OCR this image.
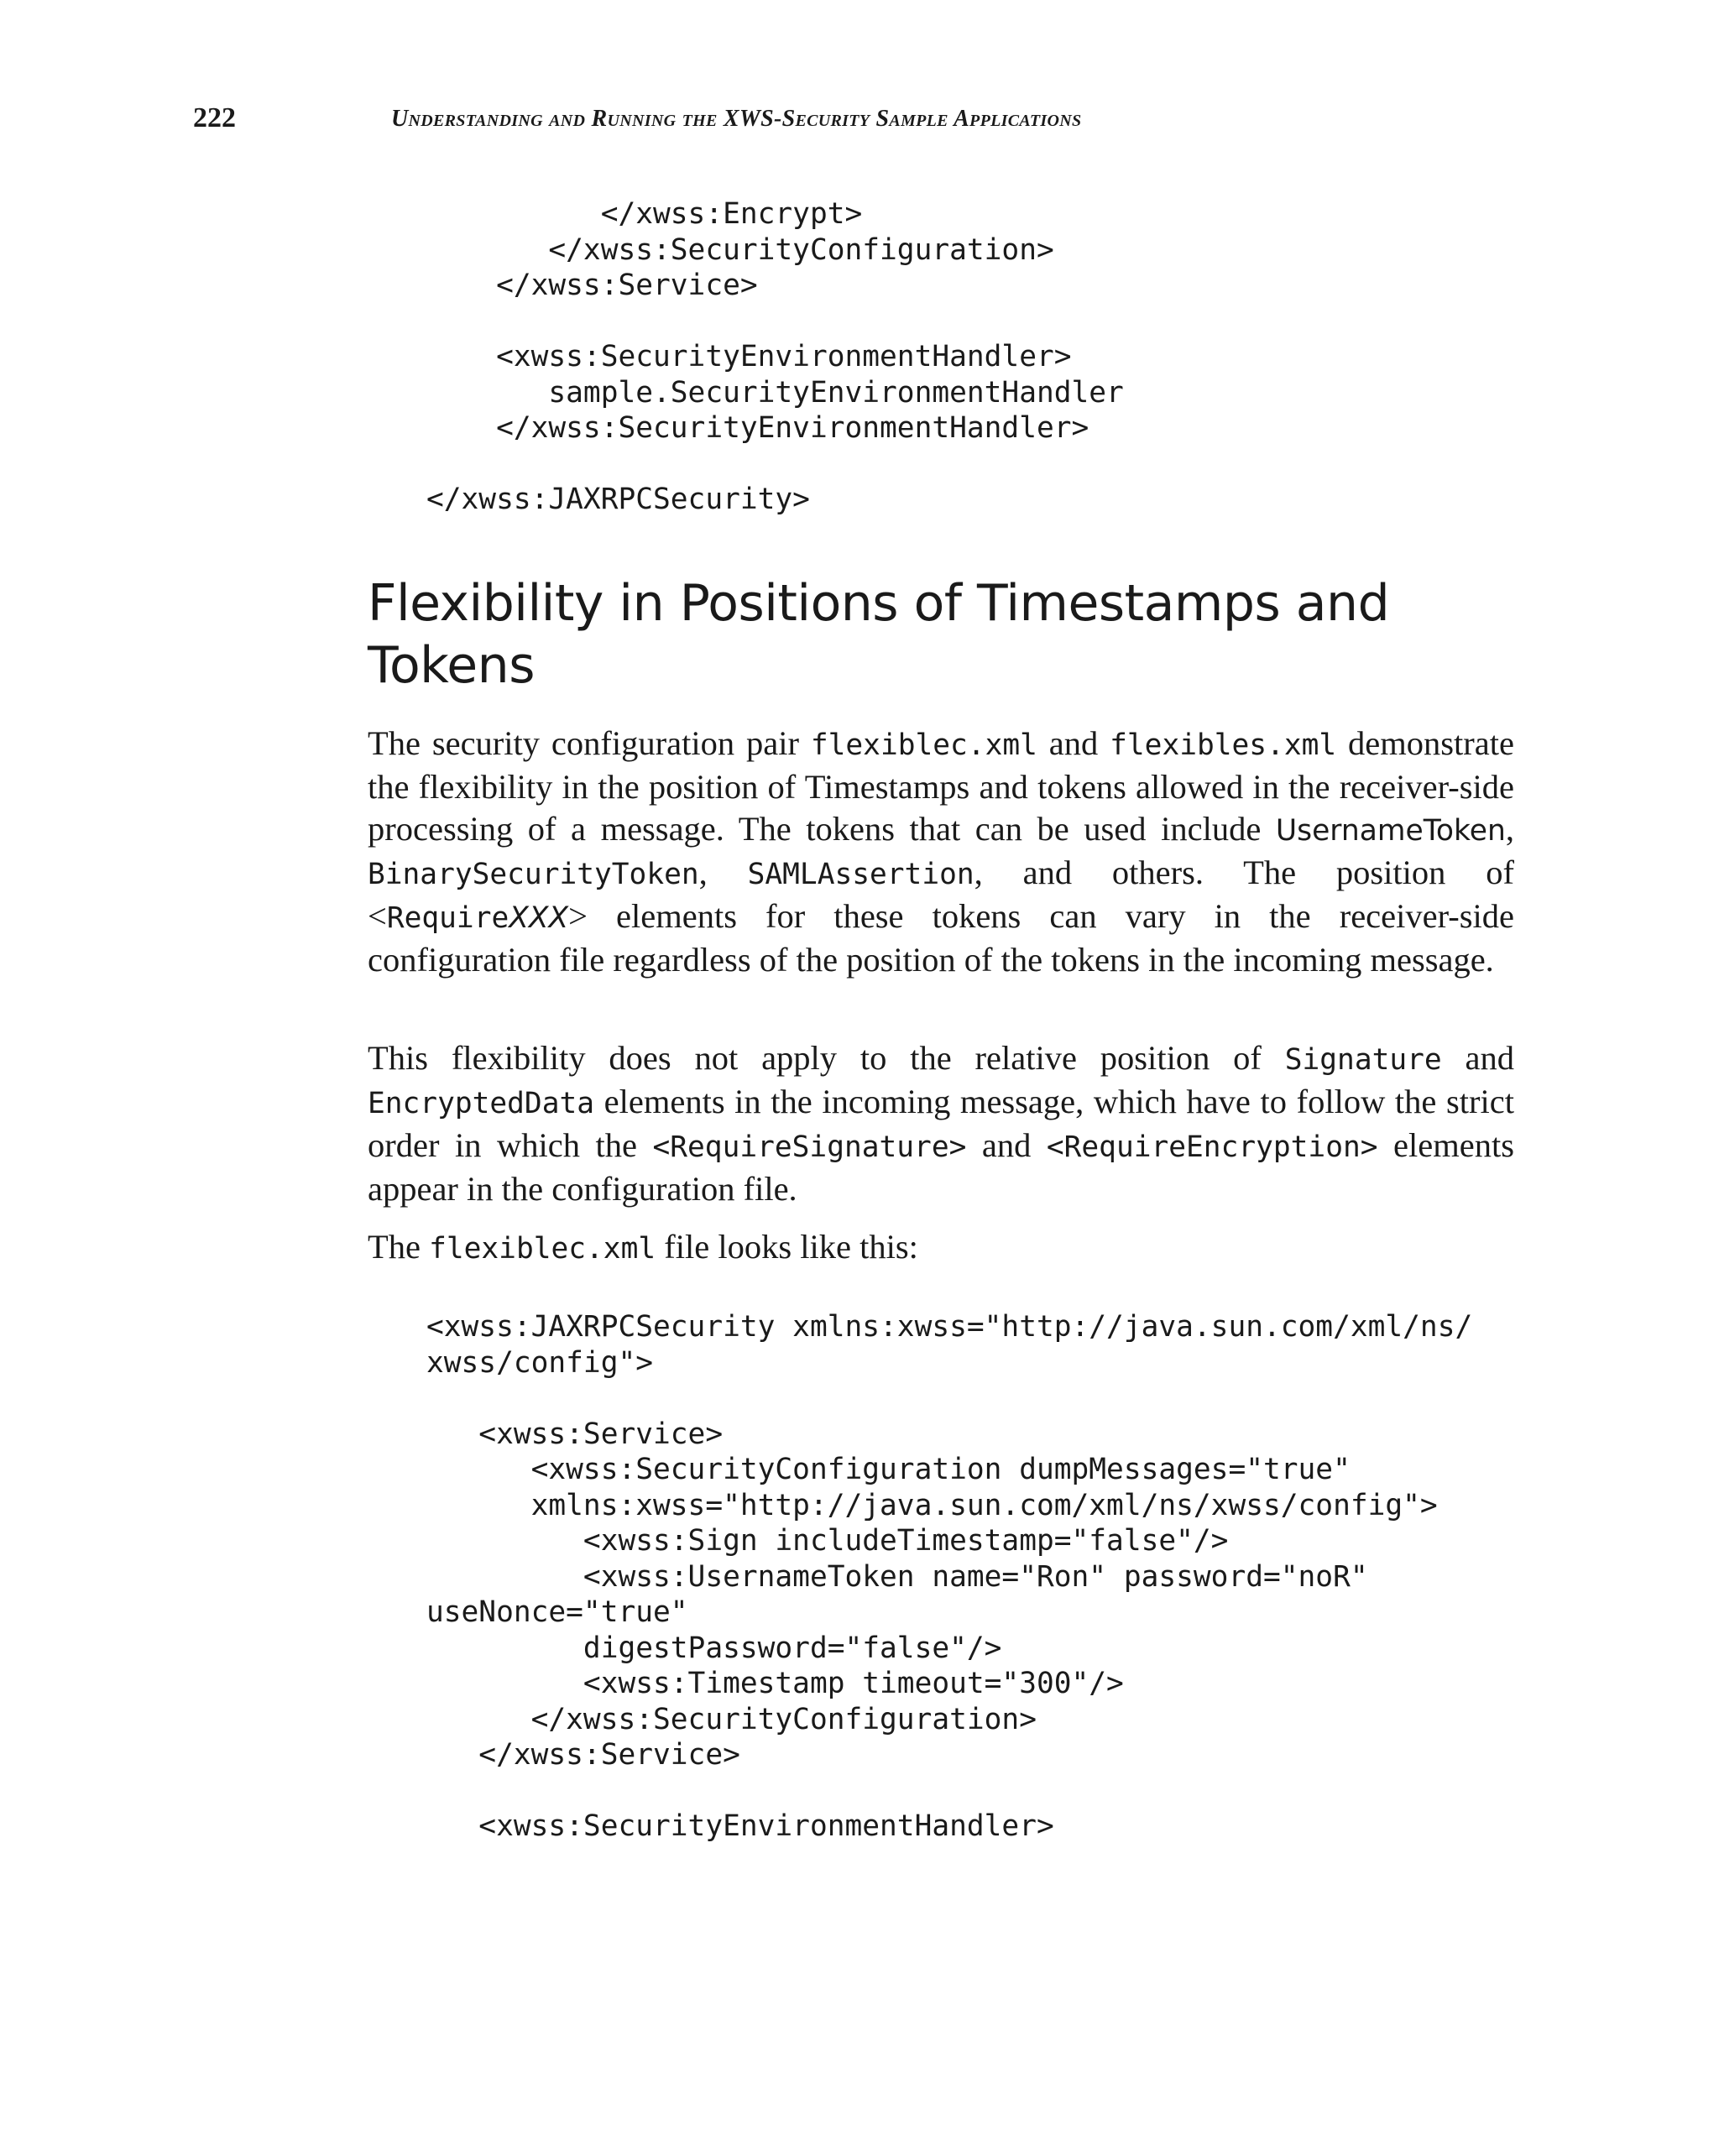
222	Understanding and Running the XWS-Security Sample Applications
</xwss:Encrypt>
</xwss:SecurityConfiguration>
</xwss:Service>

<xwss:SecurityEnvironmentHandler>
sample.SecurityEnvironmentHandler
</xwss:SecurityEnvironmentHandler>

</xwss:JAXRPCSecurity>
Flexibility in Positions of Timestamps and Tokens

The security configuration pair flexiblec.xml and flexibles.xml demonstrate the flexibility in the position of Timestamps and tokens allowed in the receiver-side processing of a message. The tokens that can be used include UsernameToken, BinarySecurityToken, SAMLAssertion, and others. The position of <RequireXXX> elements for these tokens can vary in the receiver-side configuration file regardless of the position of the tokens in the incoming message.

This flexibility does not apply to the relative position of Signature and EncryptedData elements in the incoming message, which have to follow the strict order in which the <RequireSignature> and <RequireEncryption> elements appear in the configuration file.

The flexiblec.xml file looks like this:

<xwss:JAXRPCSecurity xmlns:xwss="http://java.sun.com/xml/ns/
xwss/config">

<xwss:Service>
<xwss:SecurityConfiguration dumpMessages="true"
xmlns:xwss="http://java.sun.com/xml/ns/xwss/config">
<xwss:Sign includeTimestamp="false"/>
<xwss:UsernameToken name="Ron" password="noR"
useNonce="true"
digestPassword="false"/>
<xwss:Timestamp timeout="300"/>
</xwss:SecurityConfiguration>
</xwss:Service>

<xwss:SecurityEnvironmentHandler>
